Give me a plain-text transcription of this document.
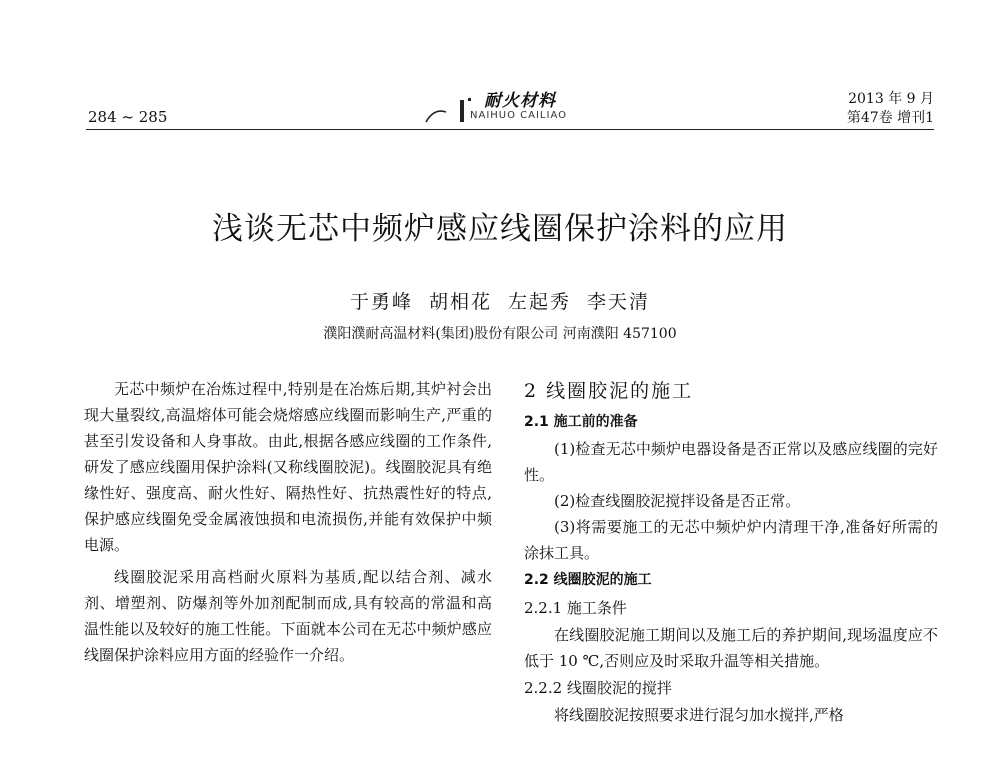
284 ~ 285
耐火材料
NAIHUO CAILIAO
2013 年 9 月
第47卷 增刊1
浅谈无芯中频炉感应线圈保护涂料的应用
于勇峰 胡相花 左起秀 李天清
濮阳濮耐高温材料(集团)股份有限公司 河南濮阳 457100

无芯中频炉在冶炼过程中,特别是在冶炼后期,其炉衬会出现大量裂纹,高温熔体可能会烧熔感应线圈而影响生产,严重的甚至引发设备和人身事故。由此,根据各感应线圈的工作条件,研发了感应线圈用保护涂料(又称线圈胶泥)。线圈胶泥具有绝缘性好、强度高、耐火性好、隔热性好、抗热震性好的特点,保护感应线圈免受金属液蚀损和电流损伤,并能有效保护中频电源。

线圈胶泥采用高档耐火原料为基质,配以结合剂、减水剂、增塑剂、防爆剂等外加剂配制而成,具有较高的常温和高温性能以及较好的施工性能。下面就本公司在无芯中频炉感应线圈保护涂料应用方面的经验作一介绍。

2 线圈胶泥的施工
2.1 施工前的准备

(1)检查无芯中频炉电器设备是否正常以及感应线圈的完好性。

(2)检查线圈胶泥搅拌设备是否正常。

(3)将需要施工的无芯中频炉炉内清理干净,准备好所需的涂抹工具。

2.2 线圈胶泥的施工
2.2.1 施工条件

在线圈胶泥施工期间以及施工后的养护期间,现场温度应不低于 10 ℃,否则应及时采取升温等相关措施。

2.2.2 线圈胶泥的搅拌

将线圈胶泥按照要求进行混匀加水搅拌,严格
